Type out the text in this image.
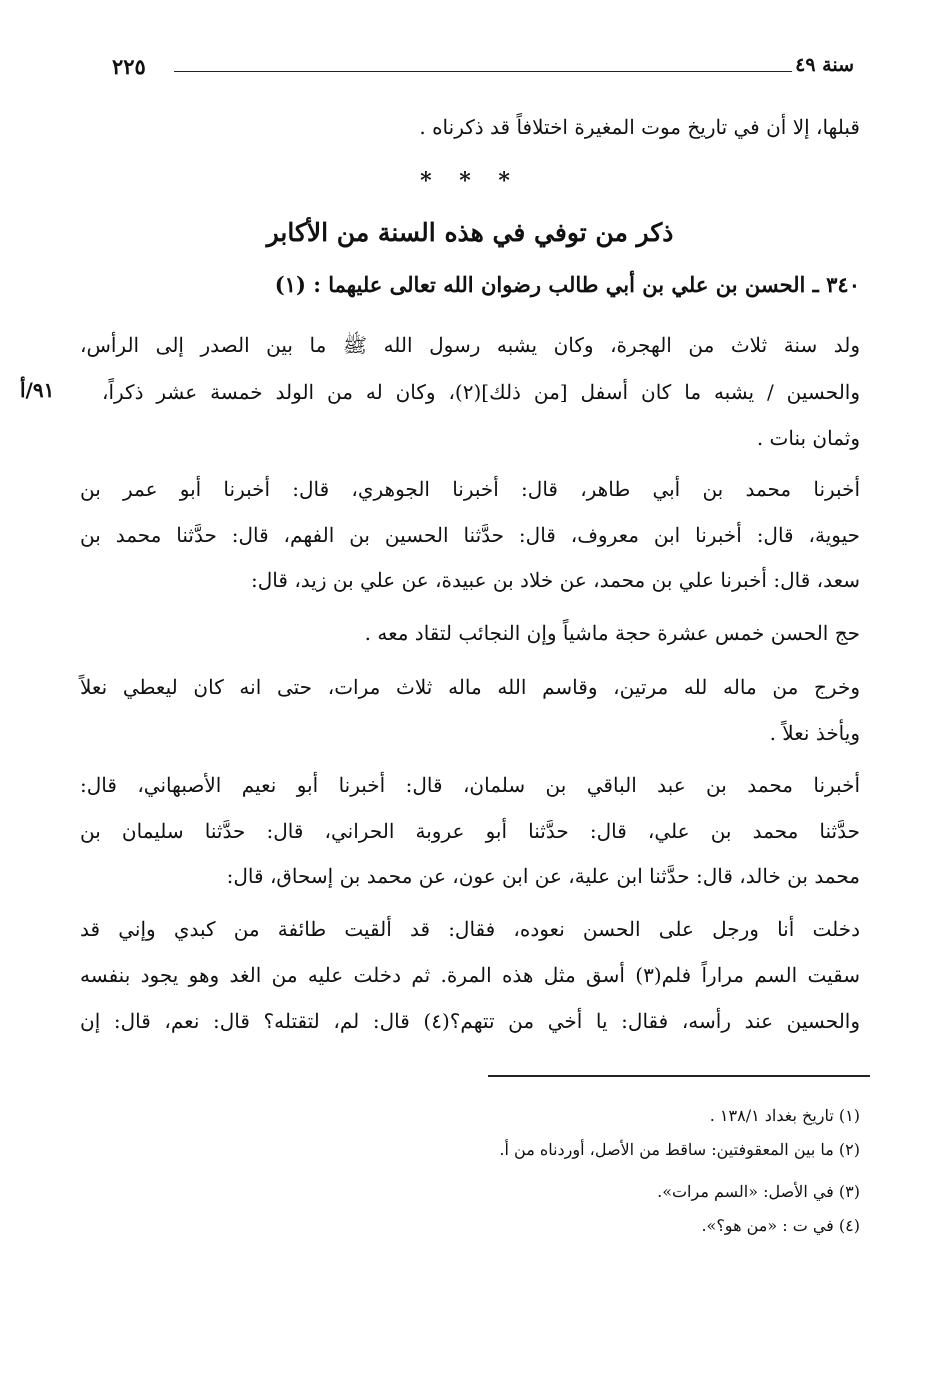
سنة ٤٩
٢٢٥
قبلها، إلا أن في تاريخ موت المغيرة اختلافاً قد ذكرناه .
* * *
ذكر من توفي في هذه السنة من الأكابر
٣٤٠ ـ الحسن بن علي بن أبي طالب رضوان الله تعالى عليهما : (١)
٩١/أ
ولد سنة ثلاث من الهجرة، وكان يشبه رسول الله ﷺ ما بين الصدر إلى الرأس،
والحسين / يشبه ما كان أسفل [من ذلك](٢)، وكان له من الولد خمسة عشر ذكراً،
وثمان بنات .
أخبرنا محمد بن أبي طاهر، قال: أخبرنا الجوهري، قال: أخبرنا أبو عمر بن
حيوية، قال: أخبرنا ابن معروف، قال: حدَّثنا الحسين بن الفهم، قال: حدَّثنا محمد بن
سعد، قال: أخبرنا علي بن محمد، عن خلاد بن عبيدة، عن علي بن زيد، قال:
حج الحسن خمس عشرة حجة ماشياً وإن النجائب لتقاد معه .
وخرج من ماله لله مرتين، وقاسم الله ماله ثلاث مرات، حتى انه كان ليعطي نعلاً
ويأخذ نعلاً .
أخبرنا محمد بن عبد الباقي بن سلمان، قال: أخبرنا أبو نعيم الأصبهاني، قال:
حدَّثنا محمد بن علي، قال: حدَّثنا أبو عروبة الحراني، قال: حدَّثنا سليمان بن
محمد بن خالد، قال: حدَّثنا ابن علية، عن ابن عون، عن محمد بن إسحاق، قال:
دخلت أنا ورجل على الحسن نعوده، فقال: قد ألقيت طائفة من كبدي وإني قد
سقيت السم مراراً فلم(٣) أسق مثل هذه المرة. ثم دخلت عليه من الغد وهو يجود بنفسه
والحسين عند رأسه، فقال: يا أخي من تتهم؟(٤) قال: لم، لتقتله؟ قال: نعم، قال: إن
(١) تاريخ بغداد ١٣٨/١ .
(٢) ما بين المعقوفتين: ساقط من الأصل، أوردناه من أ.
(٣) في الأصل: «السم مرات».
(٤) في ت : «من هو؟».
